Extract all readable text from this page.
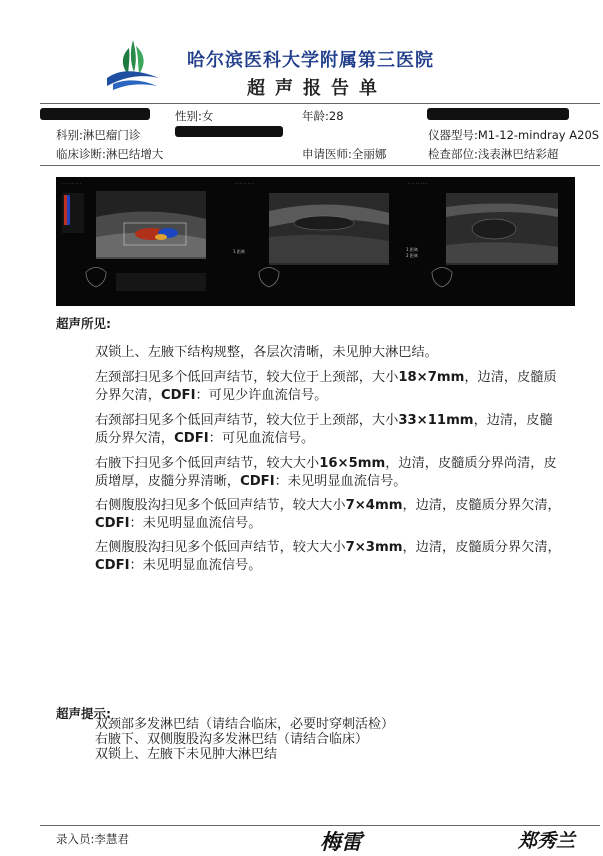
哈尔滨医科大学附属第三医院
超声报告单
性别:女	年龄:28
科别:淋巴瘤门诊	仪器型号:M1-12-mindray A20S
临床诊断:淋巴结增大	申请医师:全丽娜	检查部位:浅表淋巴结彩超
· · · · · · · ·	· · · · · · · ·
1 距离
· · · · · · · ·
1 距离
2 距离
超声所见:
双锁上、左腋下结构规整，各层次清晰，未见肿大淋巴结。
左颈部扫见多个低回声结节，较大位于上颈部，大小18×7mm，边清，皮髓质分界欠清，CDFI：可见少许血流信号。
右颈部扫见多个低回声结节，较大位于上颈部，大小33×11mm，边清，皮髓质分界欠清，CDFI：可见血流信号。
右腋下扫见多个低回声结节，较大大小16×5mm，边清，皮髓质分界尚清，皮质增厚，皮髓分界清晰，CDFI：未见明显血流信号。
右侧腹股沟扫见多个低回声结节，较大大小7×4mm，边清，皮髓质分界欠清，CDFI：未见明显血流信号。
左侧腹股沟扫见多个低回声结节，较大大小7×3mm，边清，皮髓质分界欠清，CDFI：未见明显血流信号。
超声提示:
双颈部多发淋巴结（请结合临床，必要时穿刺活检）
右腋下、双侧腹股沟多发淋巴结（请结合临床）
双锁上、左腋下未见肿大淋巴结
录入员:李慧君	梅雷	郑秀兰
